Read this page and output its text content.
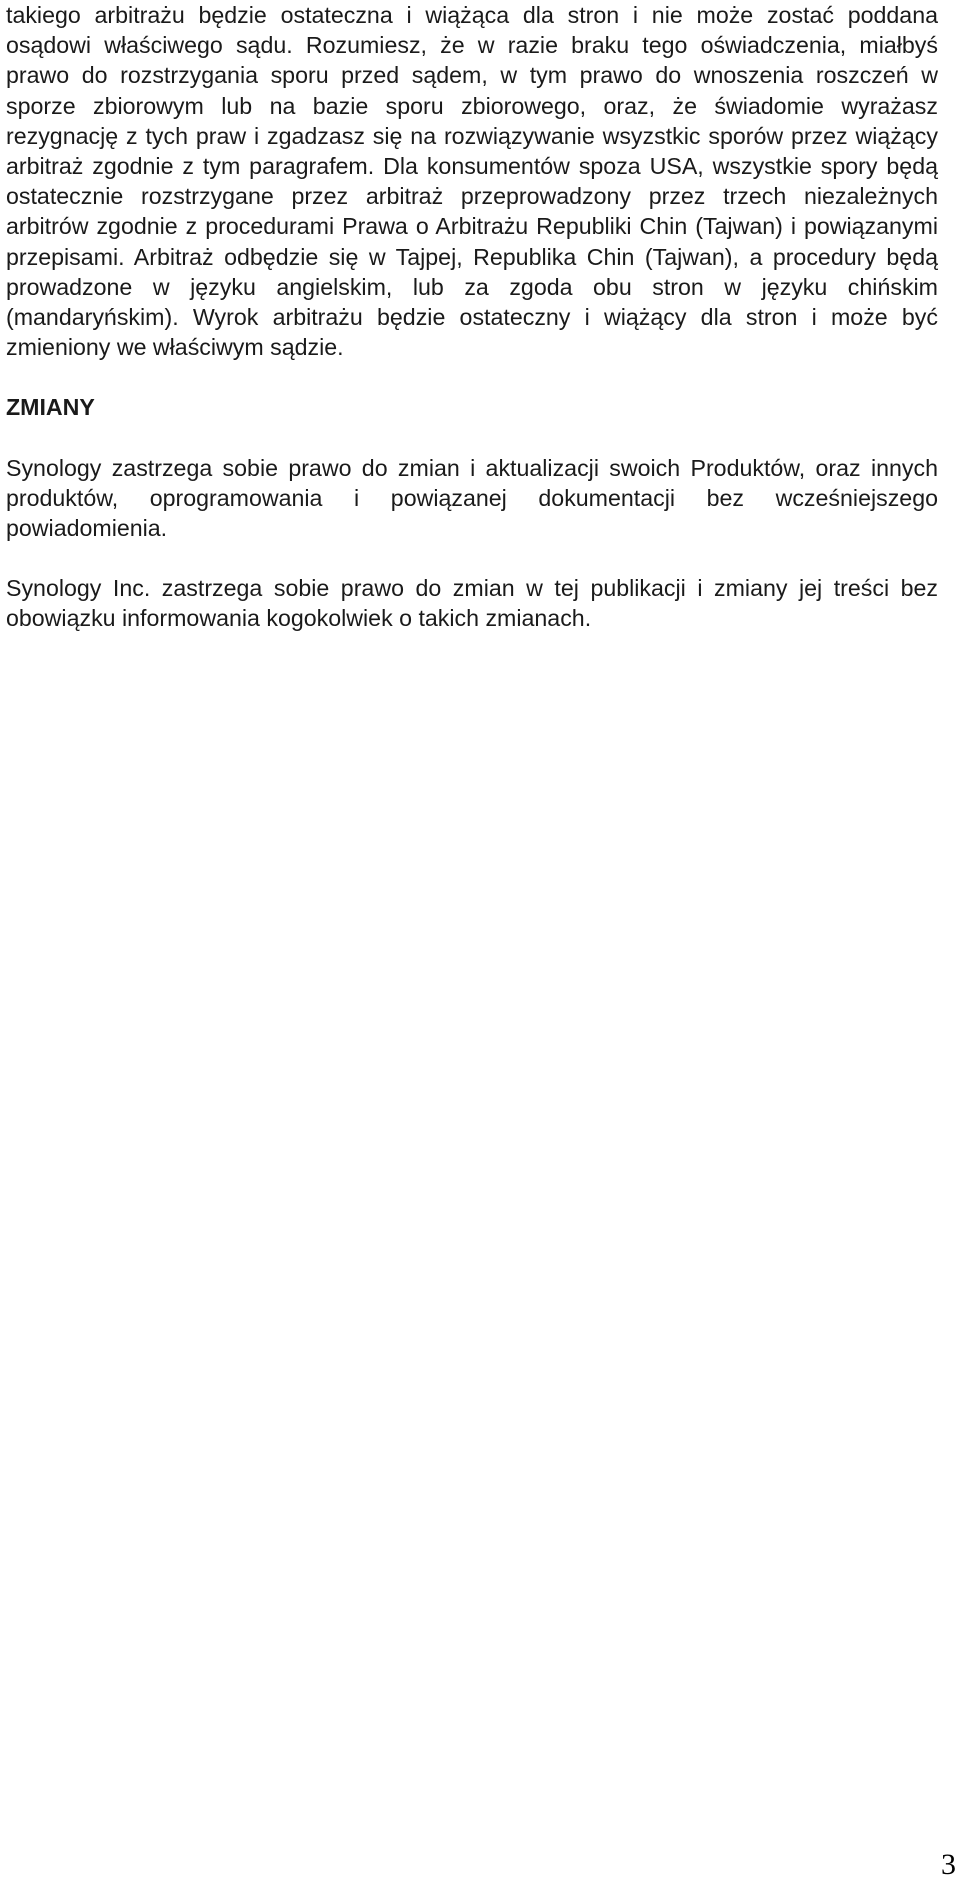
takiego arbitrażu będzie ostateczna i wiążąca dla stron i nie może zostać poddana osądowi właściwego sądu. Rozumiesz, że w razie braku tego oświadczenia, miałbyś prawo do rozstrzygania sporu przed sądem, w tym prawo do wnoszenia roszczeń w sporze zbiorowym lub na bazie sporu zbiorowego, oraz, że świadomie wyrażasz rezygnację z tych praw i zgadzasz się na rozwiązywanie wsyzstkic sporów przez wiążący arbitraż zgodnie z tym paragrafem. Dla konsumentów spoza USA, wszystkie spory będą ostatecznie rozstrzygane przez arbitraż przeprowadzony przez trzech niezależnych arbitrów zgodnie z procedurami Prawa o Arbitrażu Republiki Chin (Tajwan) i powiązanymi przepisami. Arbitraż odbędzie się w Tajpej, Republika Chin (Tajwan), a procedury będą prowadzone w języku angielskim, lub za zgoda obu stron w języku chińskim (mandaryńskim). Wyrok arbitrażu będzie ostateczny i wiążący dla stron i może być zmieniony we właściwym sądzie.

ZMIANY

Synology zastrzega sobie prawo do zmian i aktualizacji swoich Produktów, oraz innych produktów, oprogramowania i powiązanej dokumentacji bez wcześniejszego powiadomienia.

Synology Inc. zastrzega sobie prawo do zmian w tej publikacji i zmiany jej treści bez obowiązku informowania kogokolwiek o takich zmianach.

3
